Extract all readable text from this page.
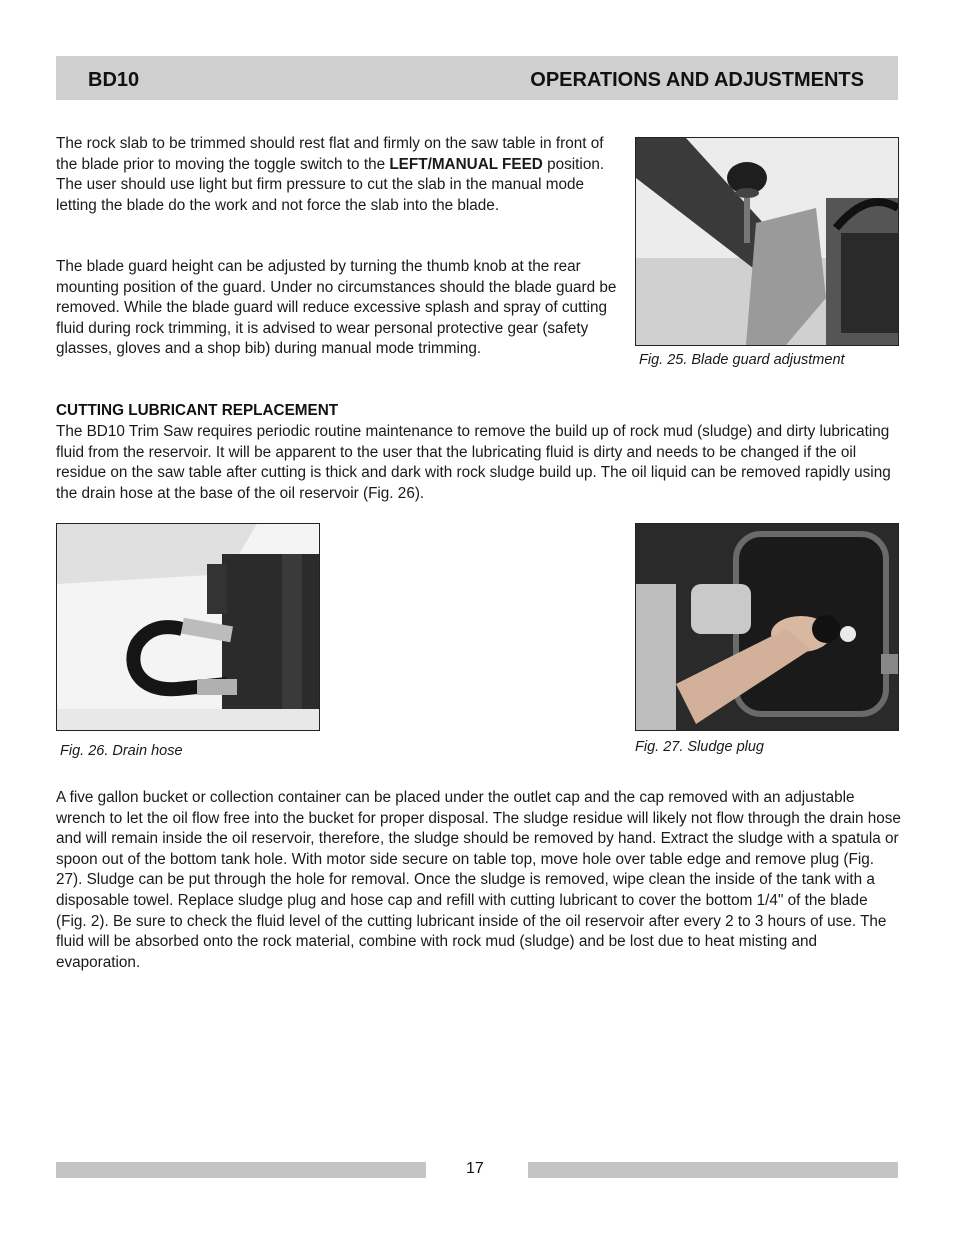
BD10	OPERATIONS AND ADJUSTMENTS

The rock slab to be trimmed should rest flat and firmly on the saw table in front of the blade prior to moving the toggle switch to the LEFT/MANUAL FEED position. The user should use light but firm pressure to cut the slab in the manual mode letting the blade do the work and not force the slab into the blade.

The blade guard height can be adjusted by turning the thumb knob at the rear mounting position of the guard. Under no circumstances should the blade guard be removed. While the blade guard will reduce excessive splash and spray of cutting fluid during rock trimming, it is advised to wear personal protective gear (safety glasses, gloves and a shop bib) during manual mode trimming.

Fig. 25. Blade guard adjustment
CUTTING LUBRICANT REPLACEMENT

The BD10 Trim Saw requires periodic routine maintenance to remove the build up of rock mud (sludge) and dirty lubricating fluid from the reservoir. It will be apparent to the user that the lubricating fluid is dirty and needs to be changed if the oil residue on the saw table after cutting is thick and dark with rock sludge build up. The oil liquid can be removed rapidly using the drain hose at the base of the oil reservoir (Fig. 26).

Fig. 26. Drain hose	Fig. 27. Sludge plug

A five gallon bucket or collection container can be placed under the outlet cap and the cap removed with an adjustable wrench to let the oil flow free into the bucket for proper disposal. The sludge residue will likely not flow through the drain hose and will remain inside the oil reservoir, therefore, the sludge should be removed by hand. Extract the sludge with a spatula or spoon out of the bottom tank hole. With motor side secure on table top, move hole over table edge and remove plug (Fig. 27). Sludge can be put through the hole for removal. Once the sludge is removed, wipe clean the inside of the tank with a disposable towel. Replace sludge plug and hose cap and refill with cutting lubricant to cover the bottom 1/4" of the blade (Fig. 2). Be sure to check the fluid level of the cutting lubricant inside of the oil reservoir after every 2 to 3 hours of use. The fluid will be absorbed onto the rock material, combine with rock mud (sludge) and be lost due to heat misting and evaporation.

17
